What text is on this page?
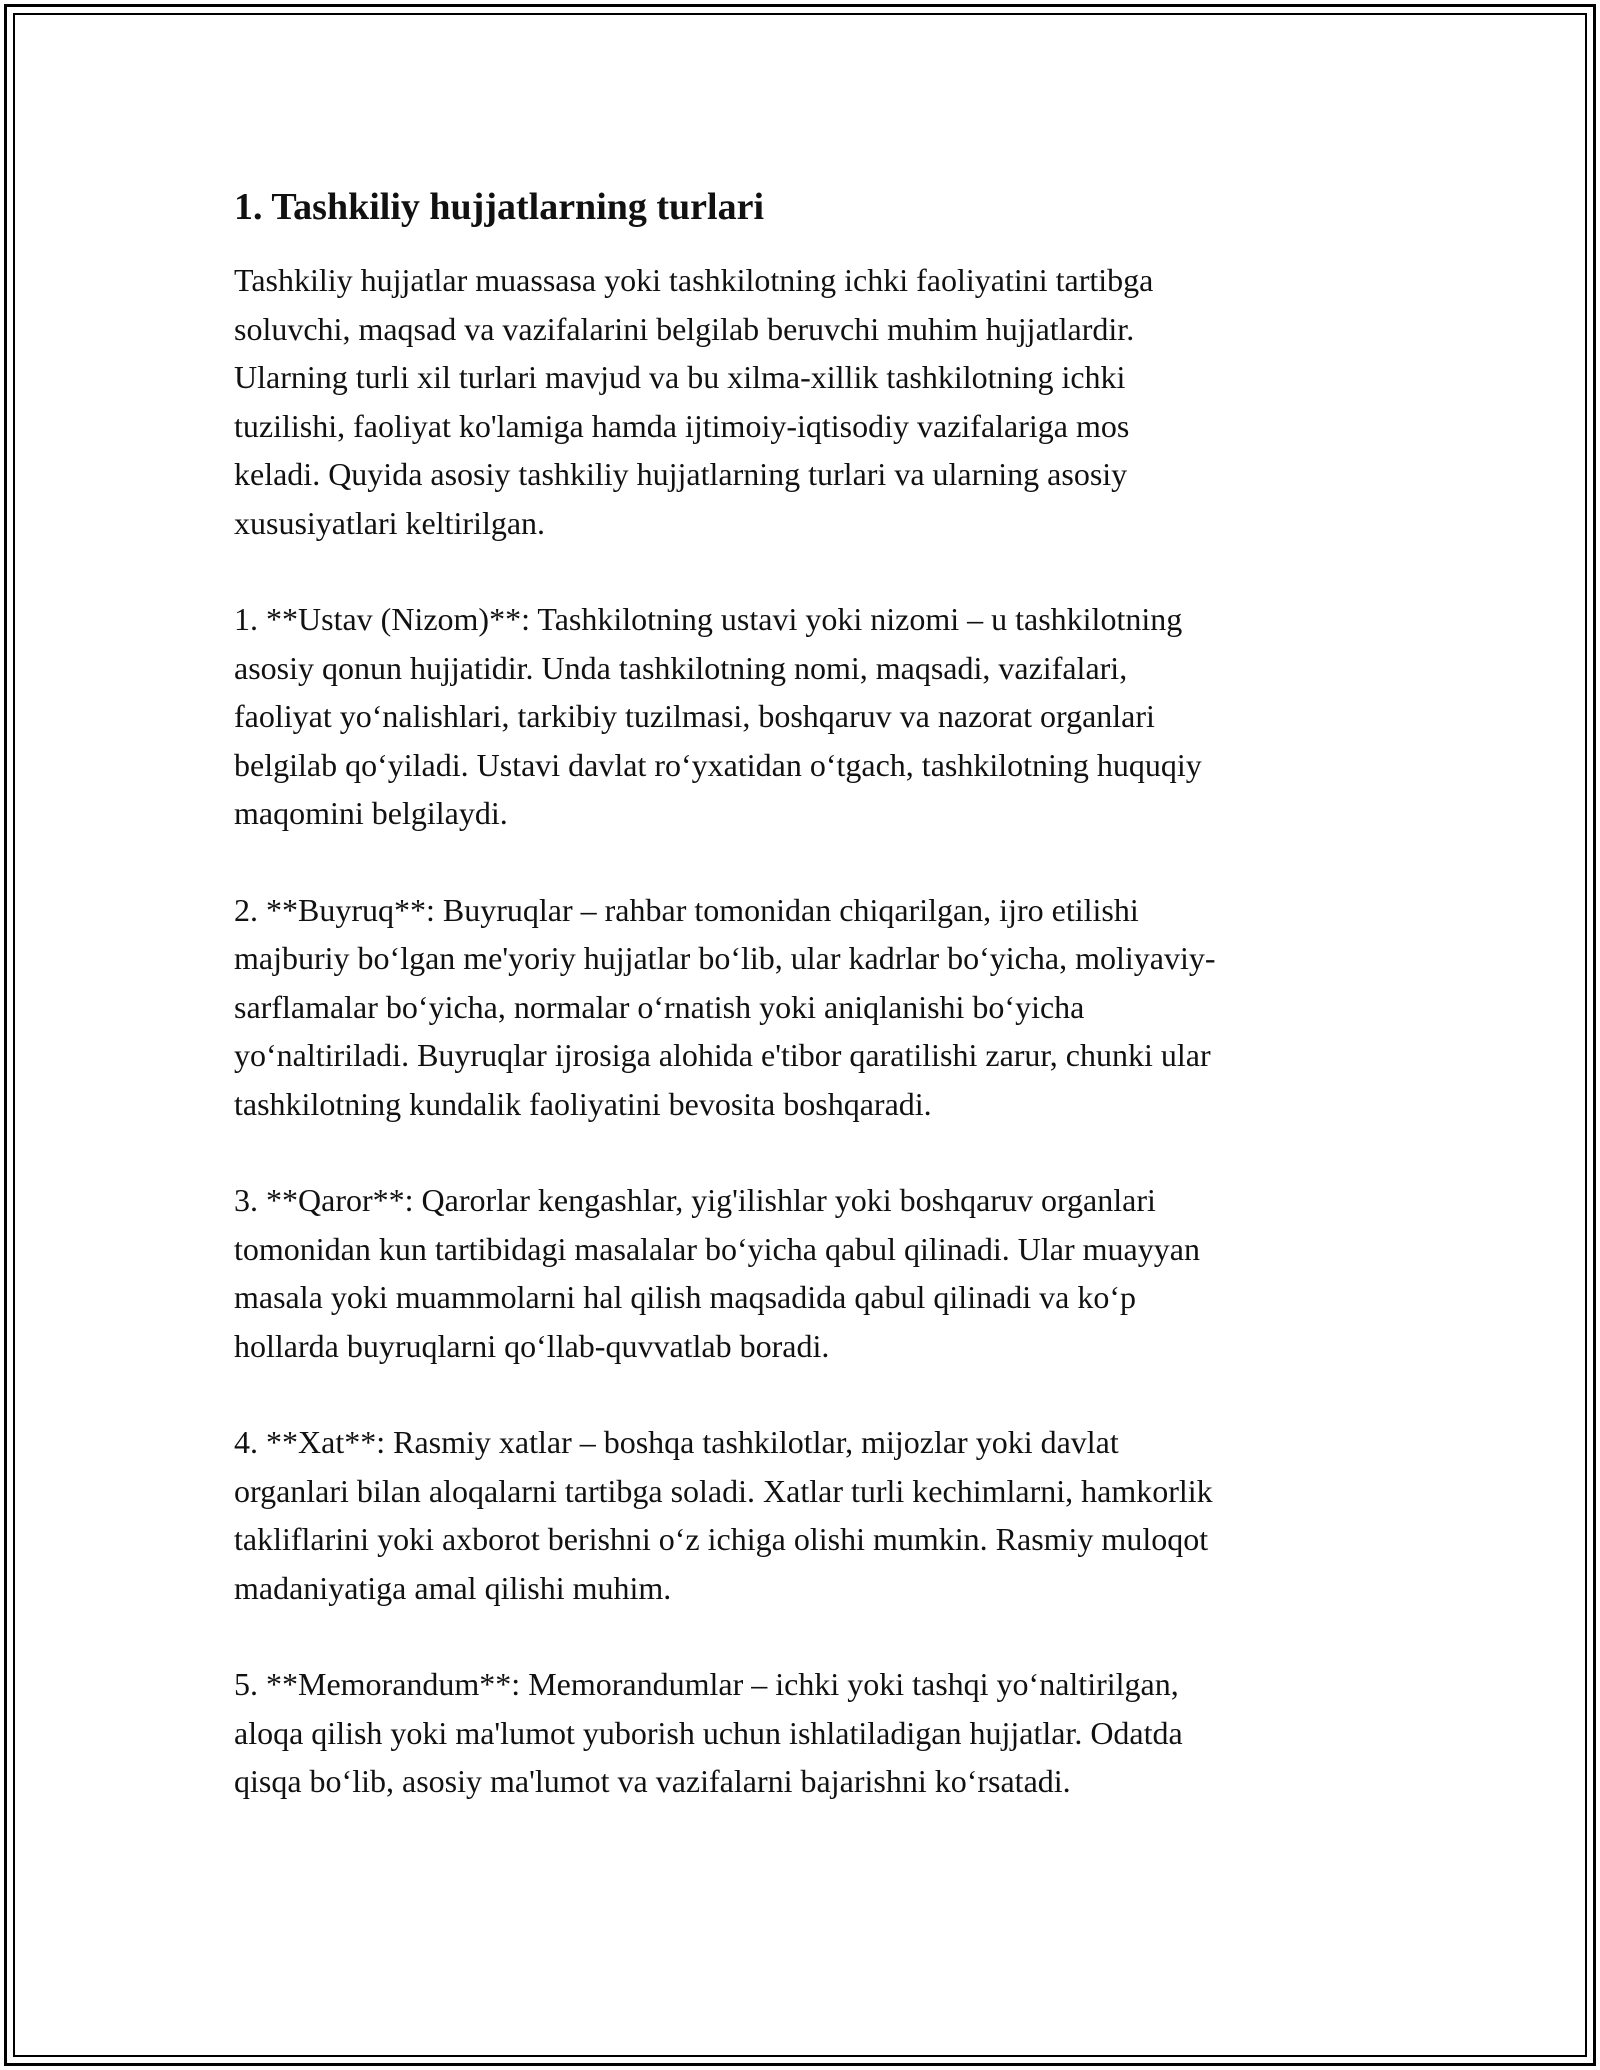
1. Tashkiliy hujjatlarning turlari

Tashkiliy hujjatlar muassasa yoki tashkilotning ichki faoliyatini tartibga
soluvchi, maqsad va vazifalarini belgilab beruvchi muhim hujjatlardir.
Ularning turli xil turlari mavjud va bu xilma-xillik tashkilotning ichki
tuzilishi, faoliyat ko'lamiga hamda ijtimoiy-iqtisodiy vazifalariga mos
keladi. Quyida asosiy tashkiliy hujjatlarning turlari va ularning asosiy
xususiyatlari keltirilgan.

1. **Ustav (Nizom)**: Tashkilotning ustavi yoki nizomi – u tashkilotning
asosiy qonun hujjatidir. Unda tashkilotning nomi, maqsadi, vazifalari,
faoliyat yoʻnalishlari, tarkibiy tuzilmasi, boshqaruv va nazorat organlari
belgilab qoʻyiladi. Ustavi davlat roʻyxatidan oʻtgach, tashkilotning huquqiy
maqomini belgilaydi.

2. **Buyruq**: Buyruqlar – rahbar tomonidan chiqarilgan, ijro etilishi
majburiy boʻlgan me'yoriy hujjatlar boʻlib, ular kadrlar boʻyicha, moliyaviy-
sarflamalar boʻyicha, normalar oʻrnatish yoki aniqlanishi boʻyicha
yoʻnaltiriladi. Buyruqlar ijrosiga alohida e'tibor qaratilishi zarur, chunki ular
tashkilotning kundalik faoliyatini bevosita boshqaradi.

3. **Qaror**: Qarorlar kengashlar, yig'ilishlar yoki boshqaruv organlari
tomonidan kun tartibidagi masalalar boʻyicha qabul qilinadi. Ular muayyan
masala yoki muammolarni hal qilish maqsadida qabul qilinadi va koʻp
hollarda buyruqlarni qoʻllab-quvvatlab boradi.

4. **Xat**: Rasmiy xatlar – boshqa tashkilotlar, mijozlar yoki davlat
organlari bilan aloqalarni tartibga soladi. Xatlar turli kechimlarni, hamkorlik
takliflarini yoki axborot berishni oʻz ichiga olishi mumkin. Rasmiy muloqot
madaniyatiga amal qilishi muhim.

5. **Memorandum**: Memorandumlar – ichki yoki tashqi yoʻnaltirilgan,
aloqa qilish yoki ma'lumot yuborish uchun ishlatiladigan hujjatlar. Odatda
qisqa boʻlib, asosiy ma'lumot va vazifalarni bajarishni koʻrsatadi.
